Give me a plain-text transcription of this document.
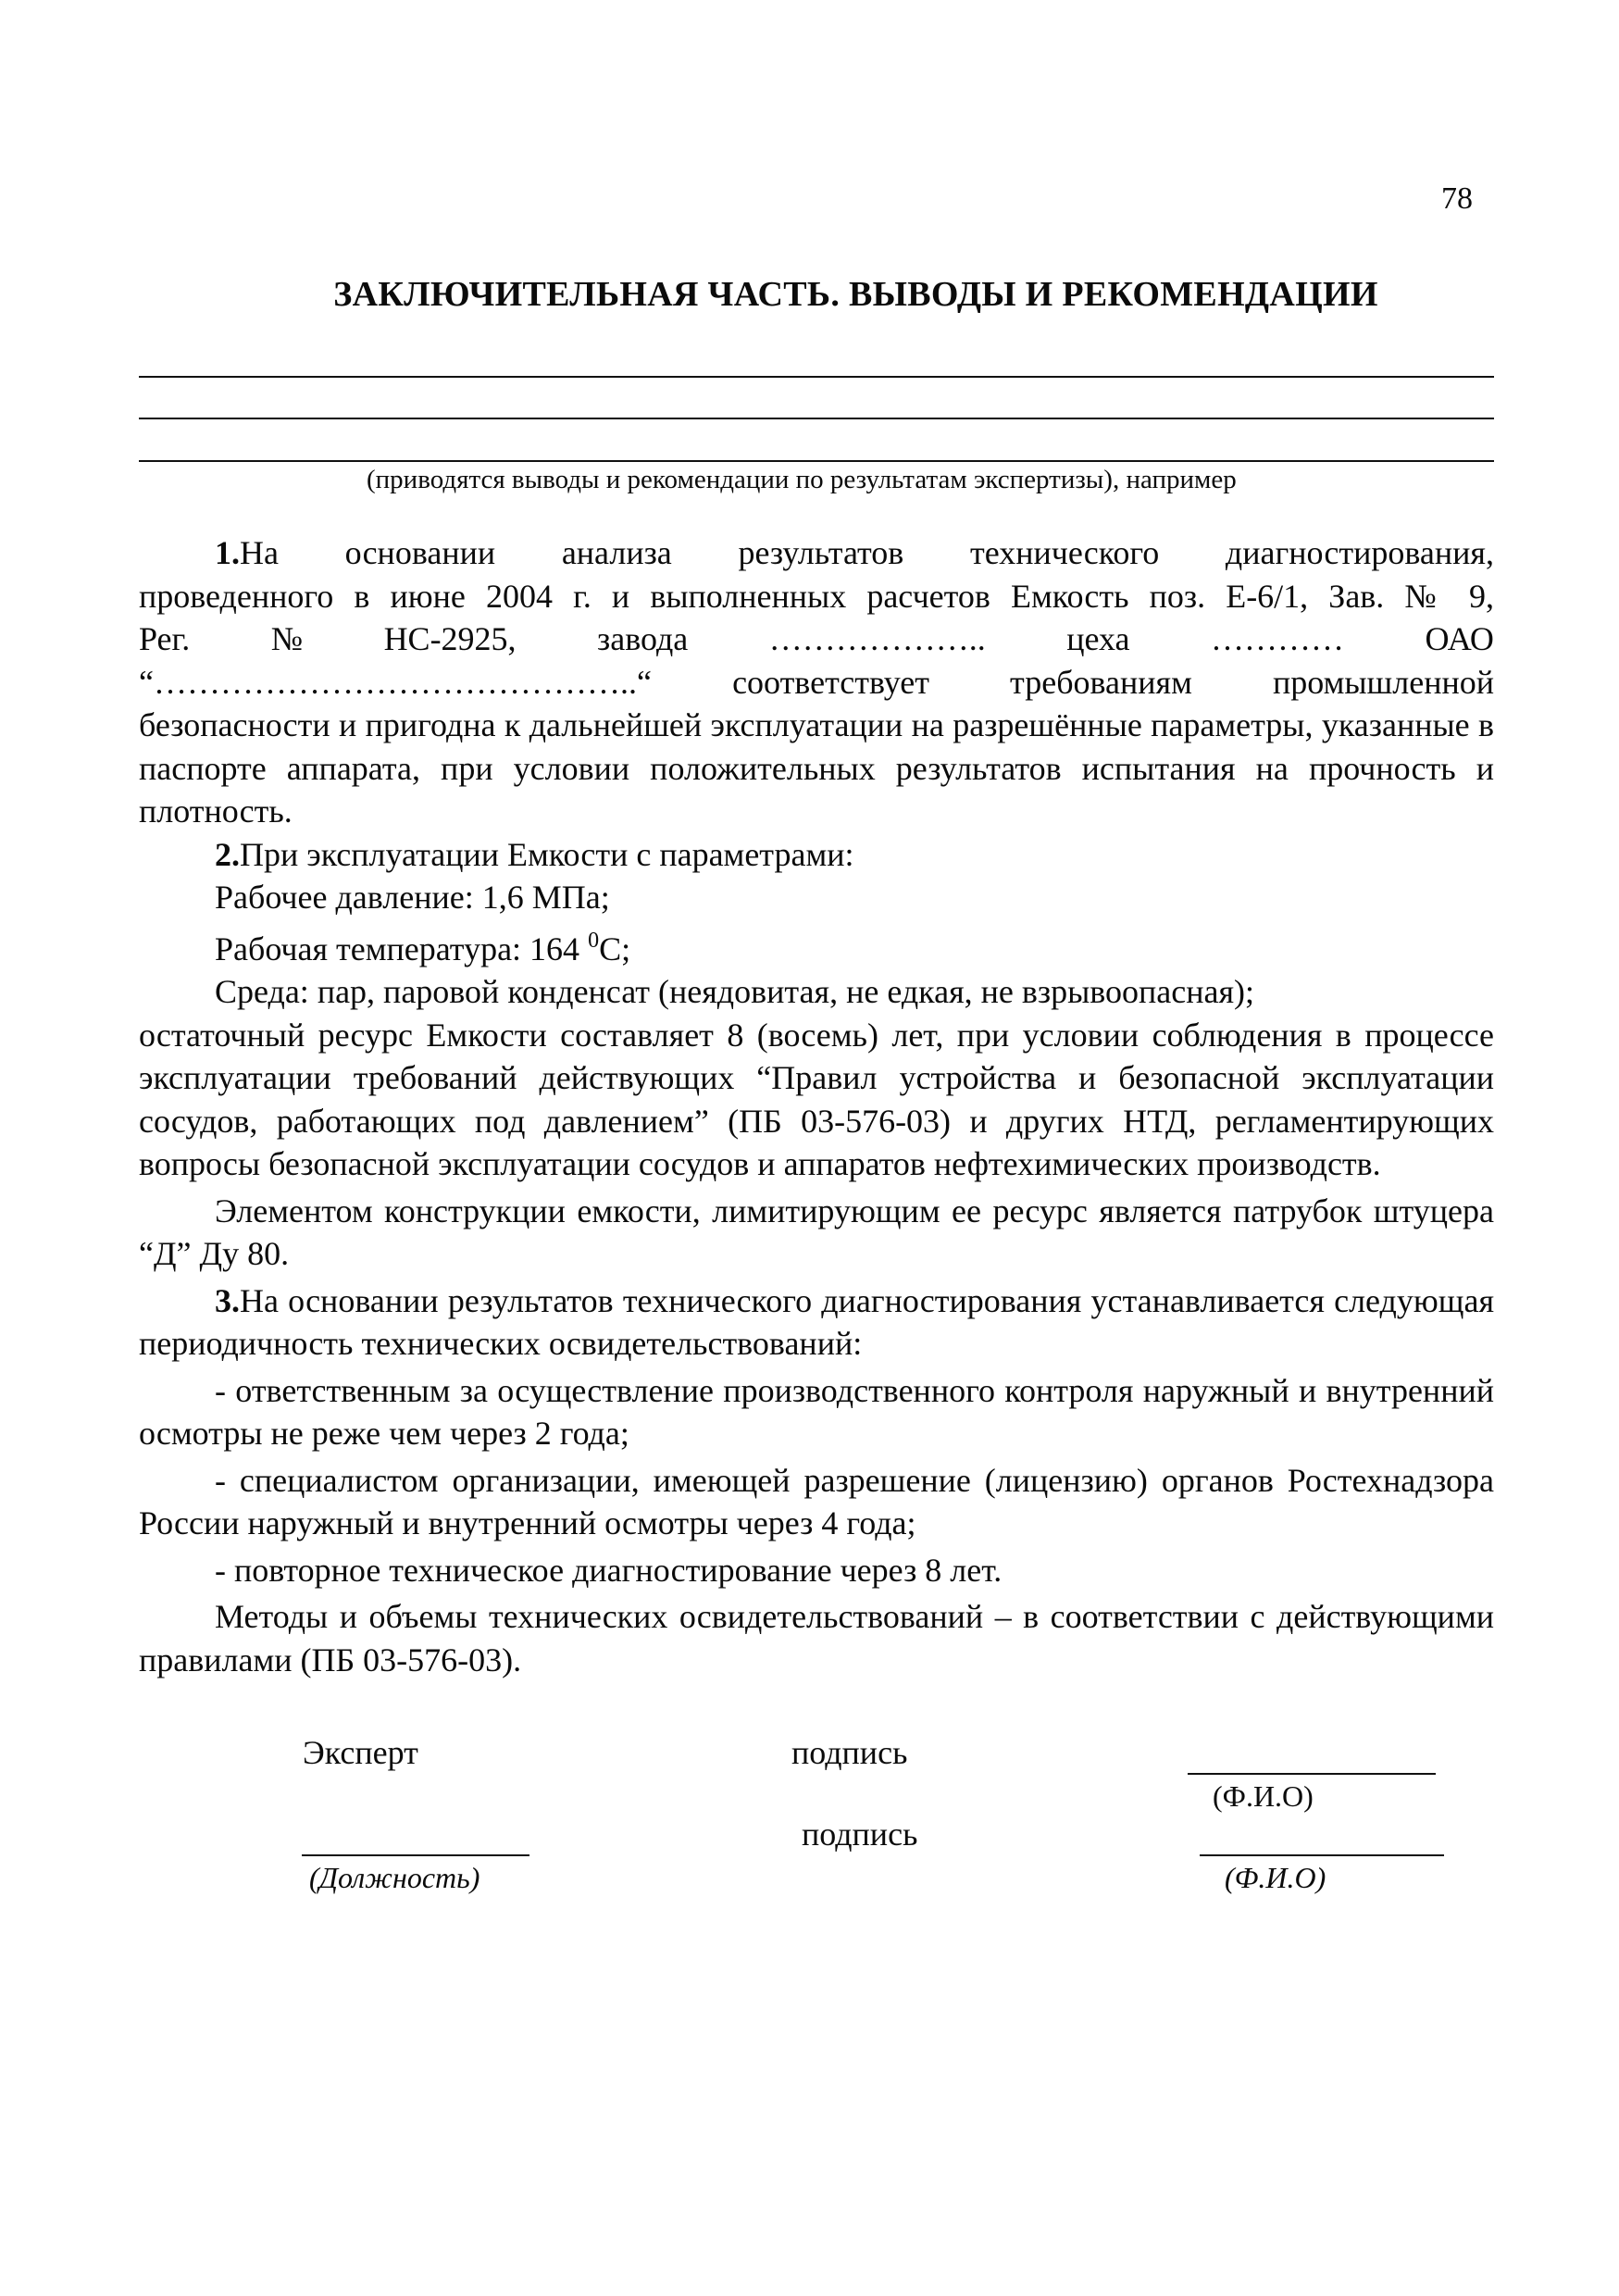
78
ЗАКЛЮЧИТЕЛЬНАЯ ЧАСТЬ. ВЫВОДЫ И РЕКОМЕНДАЦИИ
(приводятся выводы и рекомендации по результатам экспертизы), например

1.На основании анализа результатов технического диагностирования,

проведенного в июне 2004 г. и выполненных расчетов Емкость поз. Е-6/1, Зав. № 9,

Рег. № НС-2925, завода ……………….. цеха ………… ОАО
“……………………………………..“ соответствует требованиям промышленной

безопасности и пригодна к дальнейшей эксплуатации на разрешённые параметры, указанные в паспорте аппарата, при условии положительных результатов испытания на прочность и плотность.

2.При эксплуатации Емкости с параметрами:

Рабочее давление: 1,6 МПа;

Рабочая температура: 164 $^0$С;

Среда: пар, паровой конденсат (неядовитая, не едкая, не взрывоопасная);

остаточный ресурс Емкости составляет 8 (восемь) лет, при условии соблюдения в процессе эксплуатации требований действующих “Правил устройства и безопасной эксплуатации сосудов, работающих под давлением” (ПБ 03-576-03) и других НТД, регламентирующих вопросы безопасной эксплуатации сосудов и аппаратов нефтехимических производств.

Элементом конструкции емкости, лимитирующим ее ресурс является патрубок штуцера “Д” Ду 80.

3.На основании результатов технического диагностирования устанавливается следующая периодичность технических освидетельствований:

- ответственным за осуществление производственного контроля наружный и внутренний осмотры не реже чем через 2 года;

- специалистом организации, имеющей разрешение (лицензию) органов Ростехнадзора России наружный и внутренний осмотры через 4 года;

- повторное техническое диагностирование через 8 лет.

Методы и объемы технических освидетельствований – в соответствии с действующими правилами (ПБ 03-576-03).

Эксперт	подпись
(Ф.И.О)
подпись
(Должность)	(Ф.И.О)
